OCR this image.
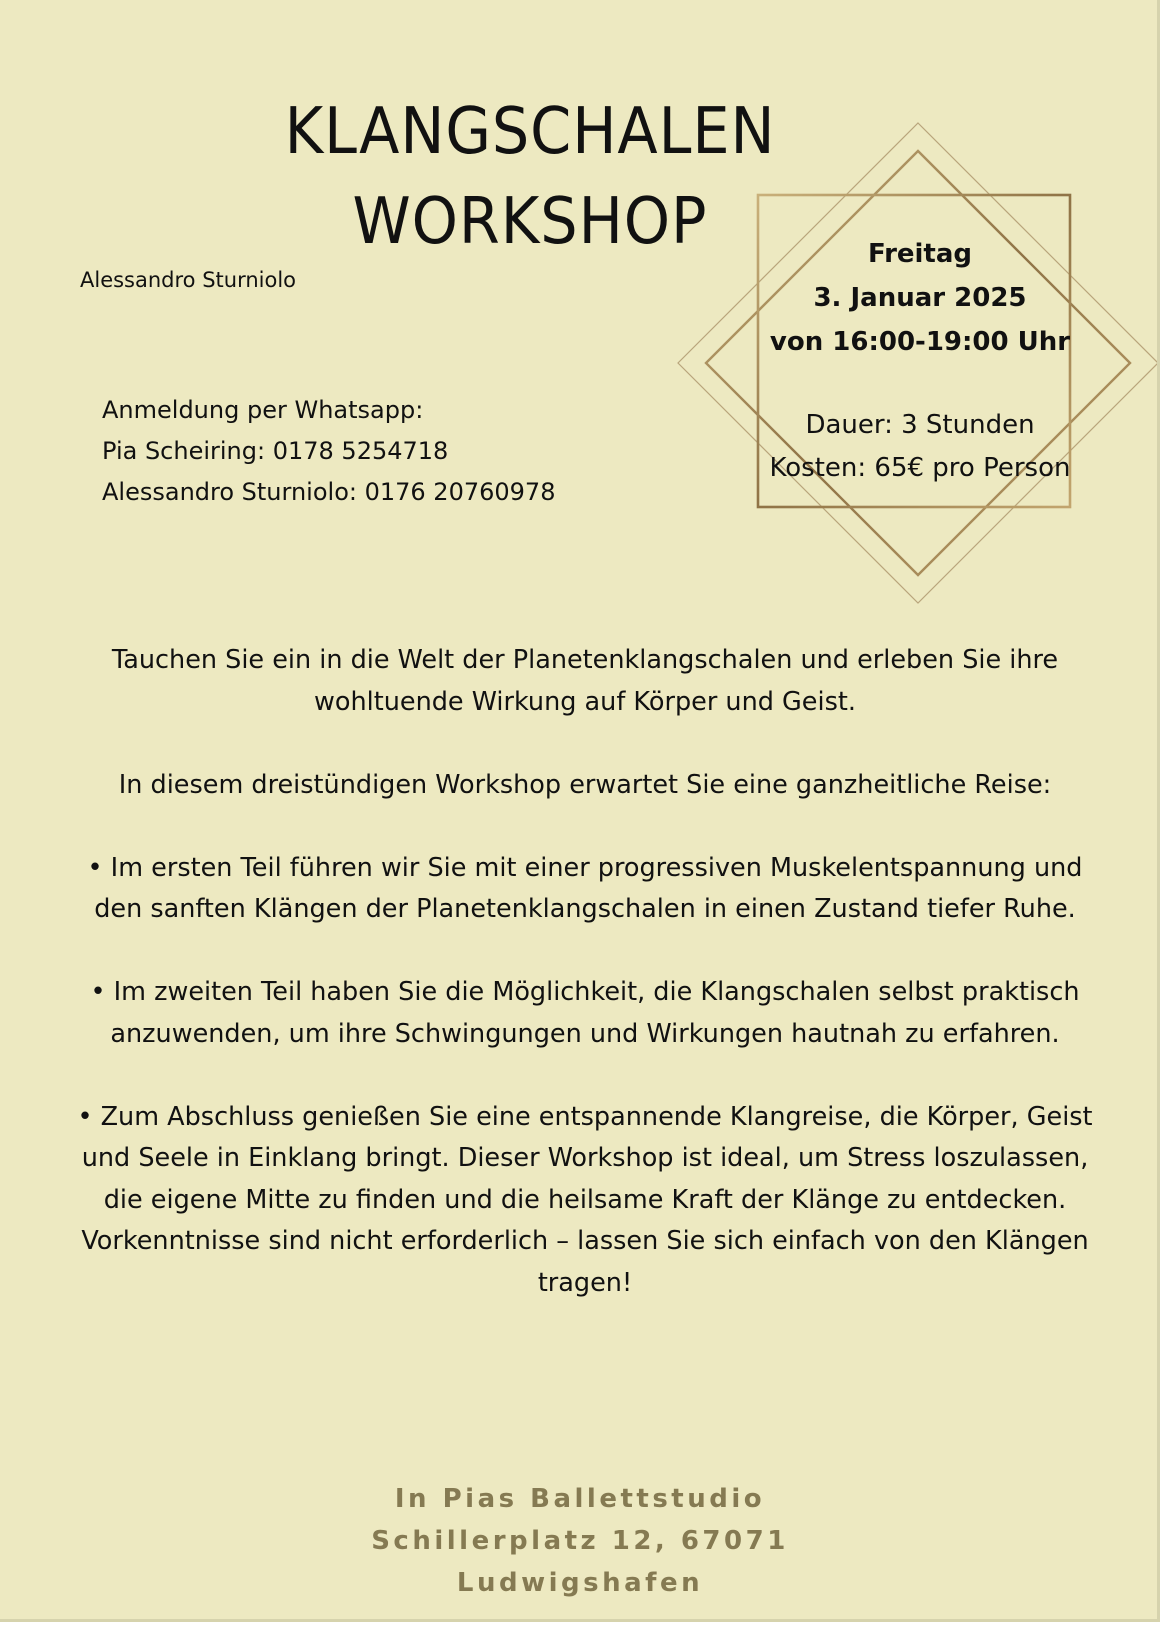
KLANGSCHALEN
WORKSHOP
Alessandro Sturniolo
Anmeldung per Whatsapp:
Pia Scheiring: 0178 5254718
Alessandro Sturniolo: 0176 20760978
Freitag
3. Januar 2025
von 16:00-19:00 Uhr
Dauer: 3 Stunden
Kosten: 65€ pro Person

Tauchen Sie ein in die Welt der Planetenklangschalen und erleben Sie ihre wohltuende Wirkung auf Körper und Geist.

In diesem dreistündigen Workshop erwartet Sie eine ganzheitliche Reise:

• Im ersten Teil führen wir Sie mit einer progressiven Muskelentspannung und den sanften Klängen der Planetenklangschalen in einen Zustand tiefer Ruhe.

• Im zweiten Teil haben Sie die Möglichkeit, die Klangschalen selbst praktisch anzuwenden, um ihre Schwingungen und Wirkungen hautnah zu erfahren.

• Zum Abschluss genießen Sie eine entspannende Klangreise, die Körper, Geist und Seele in Einklang bringt. Dieser Workshop ist ideal, um Stress loszulassen, die eigene Mitte zu finden und die heilsame Kraft der Klänge zu entdecken. Vorkenntnisse sind nicht erforderlich – lassen Sie sich einfach von den Klängen tragen!

In Pias Ballettstudio
Schillerplatz 12, 67071
Ludwigshafen
